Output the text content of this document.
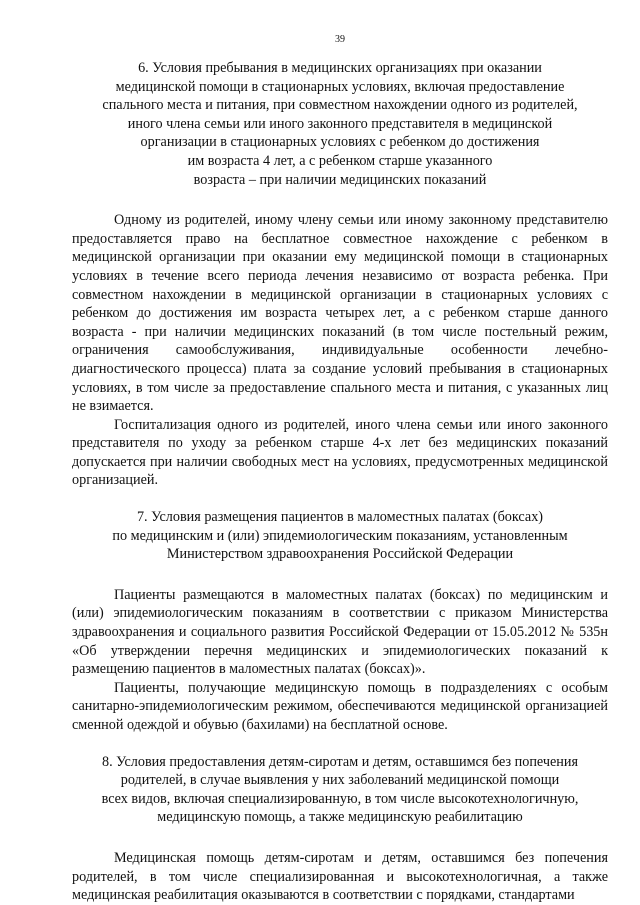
39
6. Условия пребывания в медицинских организациях при оказании
медицинской помощи в стационарных условиях, включая предоставление
спального места и питания, при совместном нахождении одного из родителей,
иного члена семьи или иного законного представителя в медицинской
организации в стационарных условиях с ребенком до достижения
им возраста 4 лет, а с ребенком старше указанного
возраста – при наличии медицинских показаний

Одному из родителей, иному члену семьи или иному законному представителю предоставляется право на бесплатное совместное нахождение с ребенком в медицинской организации при оказании ему медицинской помощи в стационарных условиях в течение всего периода лечения независимо от возраста ребенка. При совместном нахождении в медицинской организации в стационарных условиях с ребенком до достижения им возраста четырех лет, а с ребенком старше данного возраста - при наличии медицинских показаний (в том числе постельный режим, ограничения самообслуживания, индивидуальные особенности лечебно-диагностического процесса) плата за создание условий пребывания в стационарных условиях, в том числе за предоставление спального места и питания, с указанных лиц не взимается.

Госпитализация одного из родителей, иного члена семьи или иного законного представителя по уходу за ребенком старше 4-х лет без медицинских показаний допускается при наличии свободных мест на условиях, предусмотренных медицинской организацией.

7. Условия размещения пациентов в маломестных палатах (боксах)
по медицинским и (или) эпидемиологическим показаниям, установленным
Министерством здравоохранения Российской Федерации

Пациенты размещаются в маломестных палатах (боксах) по медицинским и (или) эпидемиологическим показаниям в соответствии с приказом Министерства здравоохранения и социального развития Российской Федерации от 15.05.2012 № 535н «Об утверждении перечня медицинских и эпидемиологических показаний к размещению пациентов в маломестных палатах (боксах)».

Пациенты, получающие медицинскую помощь в подразделениях с особым санитарно-эпидемиологическим режимом, обеспечиваются медицинской организацией сменной одеждой и обувью (бахилами) на бесплатной основе.

8. Условия предоставления детям-сиротам и детям, оставшимся без попечения
родителей, в случае выявления у них заболеваний медицинской помощи
всех видов, включая специализированную, в том числе высокотехнологичную,
медицинскую помощь, а также медицинскую реабилитацию

Медицинская помощь детям-сиротам и детям, оставшимся без попечения родителей, в том числе специализированная и высокотехнологичная, а также медицинская реабилитация оказываются в соответствии с порядками, стандартами
